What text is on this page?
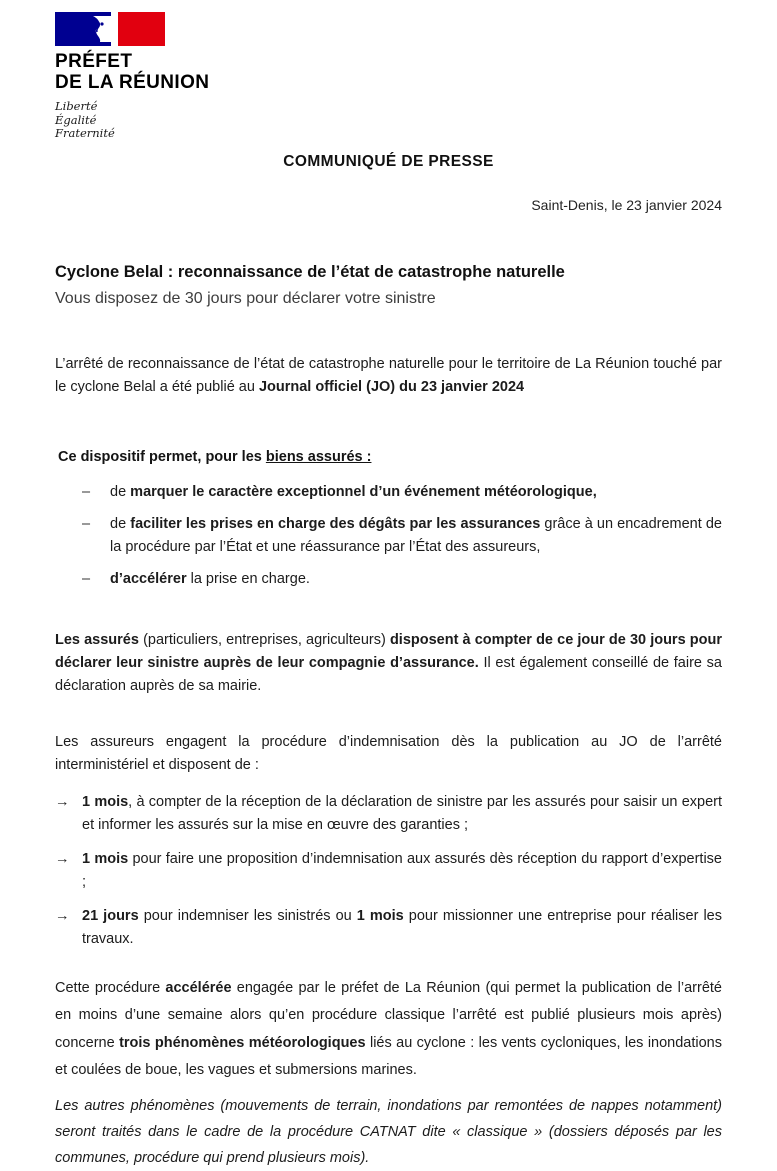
PRÉFET
DE LA RÉUNION
Liberté
Égalité
Fraternité
COMMUNIQUÉ DE PRESSE
Saint-Denis, le 23 janvier 2024
Cyclone Belal : reconnaissance de l’état de catastrophe naturelle
Vous disposez de 30 jours pour déclarer votre sinistre

L’arrêté de reconnaissance de l’état de catastrophe naturelle pour le territoire de La Réunion touché par le cyclone Belal a été publié au Journal officiel (JO) du 23 janvier 2024

Ce dispositif permet, pour les biens assurés :
–	de marquer le caractère exceptionnel d’un événement météorologique,
–	de faciliter les prises en charge des dégâts par les assurances grâce à un encadrement de la procédure par l’État et une réassurance par l’État des assureurs,
–	d’accélérer la prise en charge.

Les assurés (particuliers, entreprises, agriculteurs) disposent à compter de ce jour de 30 jours pour déclarer leur sinistre auprès de leur compagnie d’assurance. Il est également conseillé de faire sa déclaration auprès de sa mairie.

Les assureurs engagent la procédure d’indemnisation dès la publication au JO de l’arrêté interministériel et disposent de :

→ 1 mois, à compter de la réception de la déclaration de sinistre par les assurés pour saisir un expert et informer les assurés sur la mise en œuvre des garanties ;
→ 1 mois pour faire une proposition d’indemnisation aux assurés dès réception du rapport d’expertise ;
→ 21 jours pour indemniser les sinistrés ou 1 mois pour missionner une entreprise pour réaliser les travaux.

Cette procédure accélérée engagée par le préfet de La Réunion (qui permet la publication de l’arrêté en moins d’une semaine alors qu’en procédure classique l’arrêté est publié plusieurs mois après) concerne trois phénomènes météorologiques liés au cyclone : les vents cycloniques, les inondations et coulées de boue, les vagues et submersions marines.

Les autres phénomènes (mouvements de terrain, inondations par remontées de nappes notamment) seront traités dans le cadre de la procédure CATNAT dite « classique » (dossiers déposés par les communes, procédure qui prend plusieurs mois).
